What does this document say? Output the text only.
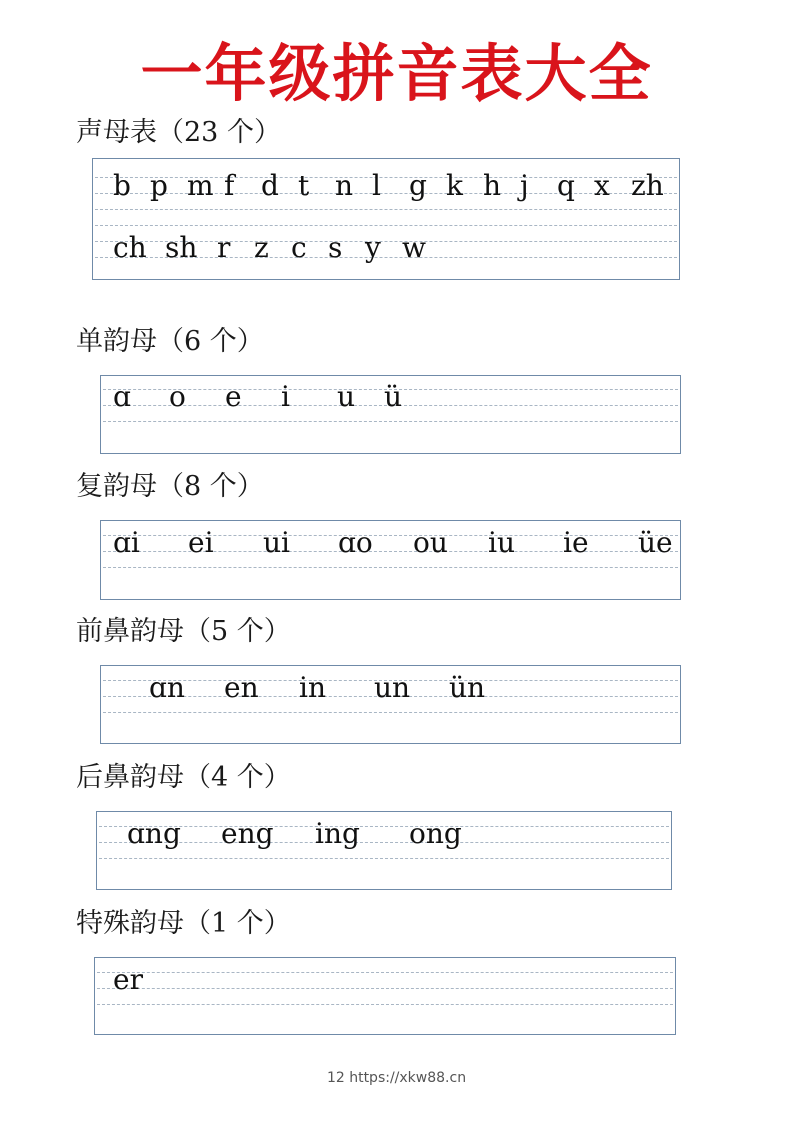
一年级拼音表大全
声母表（23 个）
b p m f d t n l g k h j q x zh
ch sh r z c s y w
单韵母（6 个）
ɑ o e i u ü
复韵母（8 个）
ɑi ei ui ɑo ou iu ie üe
前鼻韵母（5 个）
ɑn en in un ün
后鼻韵母（4 个）
ɑng eng ing ong
特殊韵母（1 个）
er
12 https://xkw88.cn
